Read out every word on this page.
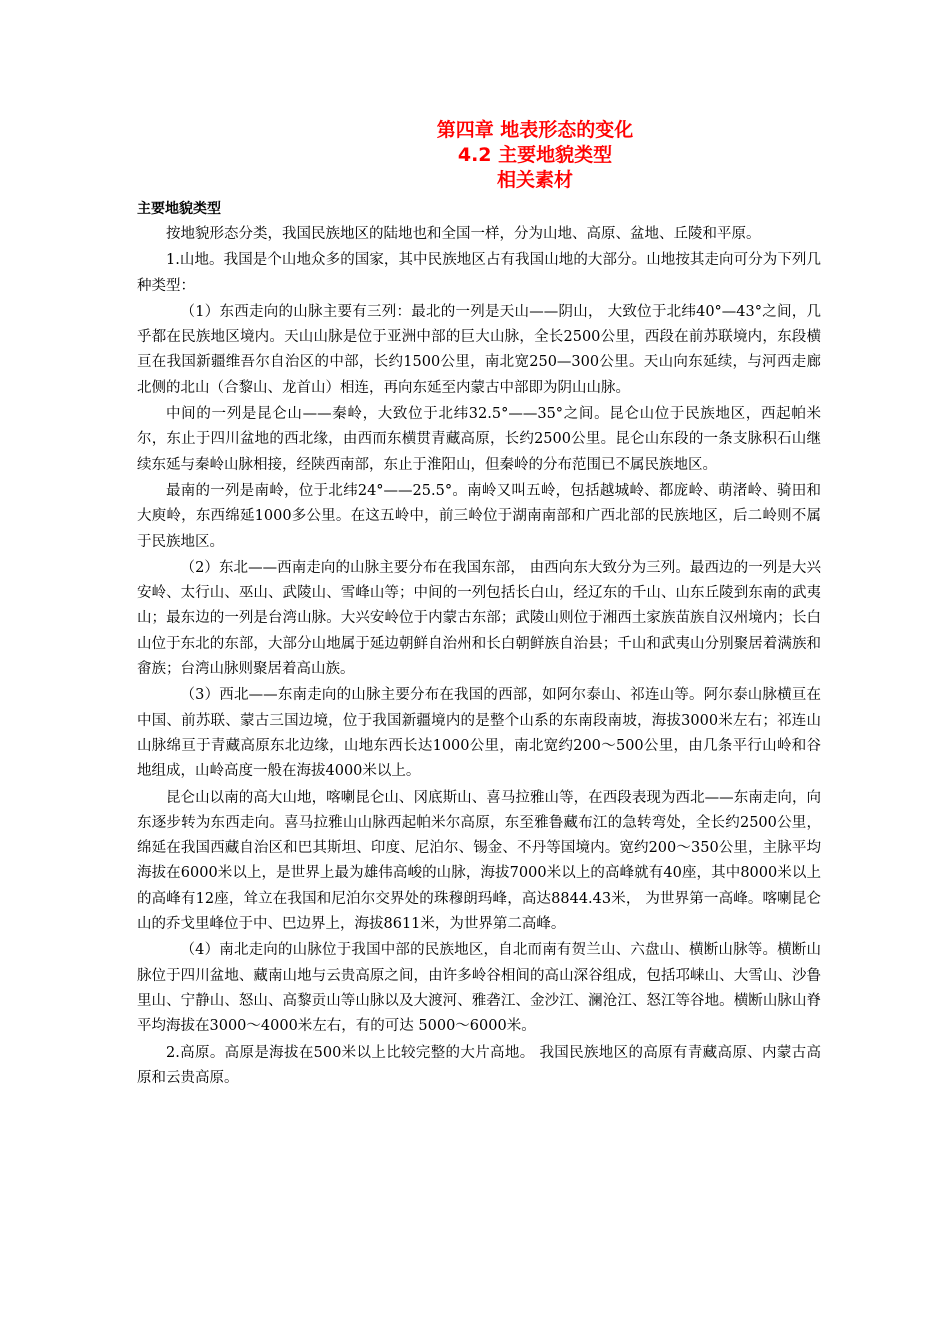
第四章 地表形态的变化
4.2 主要地貌类型
相关素材

主要地貌类型

按地貌形态分类，我国民族地区的陆地也和全国一样，分为山地、高原、盆地、丘陵和平原。

1.山地。我国是个山地众多的国家，其中民族地区占有我国山地的大部分。山地按其走向可分为下列几种类型：

（1）东西走向的山脉主要有三列：最北的一列是天山——阴山， 大致位于北纬40°—43°之间，几乎都在民族地区境内。天山山脉是位于亚洲中部的巨大山脉，全长2500公里，西段在前苏联境内，东段横亘在我国新疆维吾尔自治区的中部，长约1500公里，南北宽250—300公里。天山向东延续，与河西走廊北侧的北山（合黎山、龙首山）相连，再向东延至内蒙古中部即为阴山山脉。

中间的一列是昆仑山——秦岭，大致位于北纬32.5°——35°之间。昆仑山位于民族地区，西起帕米尔，东止于四川盆地的西北缘，由西而东横贯青藏高原，长约2500公里。昆仑山东段的一条支脉积石山继续东延与秦岭山脉相接，经陕西南部，东止于淮阳山，但秦岭的分布范围已不属民族地区。

最南的一列是南岭，位于北纬24°——25.5°。南岭又叫五岭，包括越城岭、都庞岭、萌渚岭、骑田和大庾岭，东西绵延1000多公里。在这五岭中，前三岭位于湖南南部和广西北部的民族地区，后二岭则不属于民族地区。

（2）东北——西南走向的山脉主要分布在我国东部， 由西向东大致分为三列。最西边的一列是大兴安岭、太行山、巫山、武陵山、雪峰山等；中间的一列包括长白山，经辽东的千山、山东丘陵到东南的武夷山；最东边的一列是台湾山脉。大兴安岭位于内蒙古东部；武陵山则位于湘西土家族苗族自汉州境内；长白山位于东北的东部，大部分山地属于延边朝鲜自治州和长白朝鲜族自治县；千山和武夷山分别聚居着满族和畲族；台湾山脉则聚居着高山族。

（3）西北——东南走向的山脉主要分布在我国的西部，如阿尔泰山、祁连山等。阿尔泰山脉横亘在中国、前苏联、蒙古三国边境，位于我国新疆境内的是整个山系的东南段南坡，海拔3000米左右；祁连山山脉绵亘于青藏高原东北边缘，山地东西长达1000公里，南北宽约200～500公里，由几条平行山岭和谷地组成，山岭高度一般在海拔4000米以上。

昆仑山以南的高大山地，喀喇昆仑山、冈底斯山、喜马拉雅山等，在西段表现为西北——东南走向，向东逐步转为东西走向。喜马拉雅山山脉西起帕米尔高原，东至雅鲁藏布江的急转弯处，全长约2500公里，绵延在我国西藏自治区和巴其斯坦、印度、尼泊尔、锡金、不丹等国境内。宽约200～350公里，主脉平均海拔在6000米以上，是世界上最为雄伟高峻的山脉，海拔7000米以上的高峰就有40座，其中8000米以上的高峰有12座，耸立在我国和尼泊尔交界处的珠穆朗玛峰，高达8844.43米， 为世界第一高峰。喀喇昆仑山的乔戈里峰位于中、巴边界上，海拔8611米，为世界第二高峰。

（4）南北走向的山脉位于我国中部的民族地区，自北而南有贺兰山、六盘山、横断山脉等。横断山脉位于四川盆地、藏南山地与云贵高原之间，由许多岭谷相间的高山深谷组成，包括邛崃山、大雪山、沙鲁里山、宁静山、怒山、高黎贡山等山脉以及大渡河、雅砻江、金沙江、澜沧江、怒江等谷地。横断山脉山脊平均海拔在3000～4000米左右，有的可达 5000～6000米。

2.高原。高原是海拔在500米以上比较完整的大片高地。 我国民族地区的高原有青藏高原、内蒙古高原和云贵高原。
